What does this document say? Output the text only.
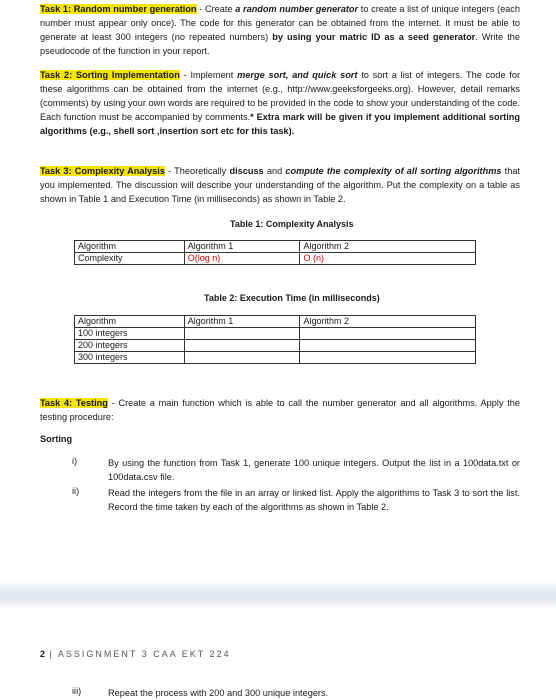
Task 1: Random number generation - Create a random number generator to create a list of unique integers (each number must appear only once). The code for this generator can be obtained from the internet. It must be able to generate at least 300 integers (no repeated numbers) by using your matric ID as a seed generator. Write the pseudocode of the function in your report.
Task 2: Sorting Implementation - Implement merge sort, and quick sort to sort a list of integers. The code for these algorithms can be obtained from the internet (e.g., http://www.geeksforgeeks.org). However, detail remarks (comments) by using your own words are required to be provided in the code to show your understanding of the code. Each function must be accompanied by comments.* Extra mark will be given if you implement additional sorting algorithms (e.g., shell sort ,insertion sort etc for this task).
Task 3: Complexity Analysis - Theoretically discuss and compute the complexity of all sorting algorithms that you implemented. The discussion will describe your understanding of the algorithm. Put the complexity on a table as shown in Table 1 and Execution Time (in milliseconds) as shown in Table 2.
Table 1: Complexity Analysis
Algorithm	Algorithm 1	Algorithm 2
Complexity	O(log n)	O (n)
Table 2: Execution Time (in milliseconds)
Algorithm	Algorithm 1	Algorithm 2
100 integers		
200 integers		
300 integers		
Task 4: Testing - Create a main function which is able to call the number generator and all algorithms. Apply the testing procedure:
Sorting
i)	By using the function from Task 1, generate 100 unique integers. Output the list in a 100data.txt or 100data.csv file.
ii)	Read the integers from the file in an array or linked list. Apply the algorithms to Task 3 to sort the list. Record the time taken by each of the algorithms as shown in Table 2.
2 | ASSIGNMENT 3 CAA EKT 224
iii)	Repeat the process with 200 and 300 unique integers.
